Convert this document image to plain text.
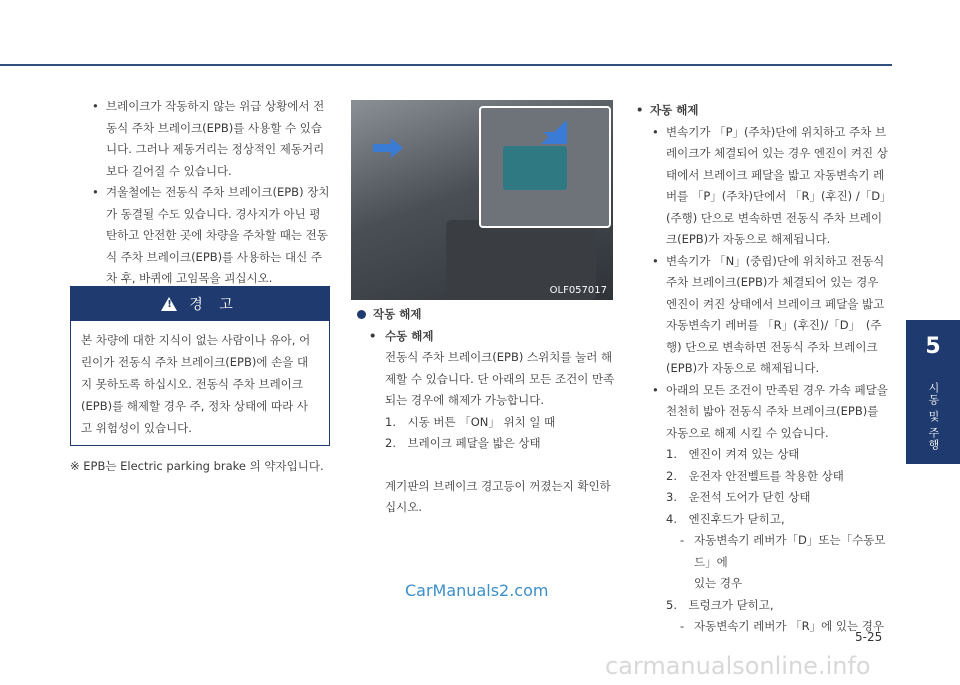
• 브레이크가 작동하지 않는 위급 상황에서 전동식 주차 브레이크(EPB)를 사용할 수 있습니다. 그러나 제동거리는 정상적인 제동거리보다 길어질 수 있습니다.

• 겨울철에는 전동식 주차 브레이크(EPB) 장치가 동결될 수도 있습니다. 경사지가 아닌 평탄하고 안전한 곳에 차량을 주차할 때는 전동식 주차 브레이크(EPB)를 사용하는 대신 주차 후, 바퀴에 고임목을 괴십시오.

! 경 고
본 차량에 대한 지식이 없는 사람이나 유아, 어린이가 전동식 주차 브레이크(EPB)에 손을 대지 못하도록 하십시오. 전동식 주차 브레이크(EPB)를 해제할 경우 주, 정차 상태에 따라 사고 위험성이 있습니다.
※ EPB는 Electric parking brake 의 약자입니다.
OLF057017
작동 해제
• 수동 해제
전동식 주차 브레이크(EPB) 스위치를 눌러 해제할 수 있습니다. 단 아래의 모든 조건이 만족되는 경우에 해제가 가능합니다.
1.　시동 버튼 「ON」 위치 일 때
2.　브레이크 페달을 밟은 상태
계기판의 브레이크 경고등이 꺼졌는지 확인하십시오.
• 자동 해제
• 변속기가 「P」(주차)단에 위치하고 주차 브레이크가 체결되어 있는 경우 엔진이 켜진 상태에서 브레이크 페달을 밟고 자동변속기 레버를 「P」(주차)단에서 「R」(후진) /「D」(주행) 단으로 변속하면 전동식 주차 브레이크(EPB)가 자동으로 해제됩니다.
• 변속기가 「N」(중립)단에 위치하고 전동식 주차 브레이크(EPB)가 체결되어 있는 경우 엔진이 켜진 상태에서 브레이크 페달을 밟고 자동변속기 레버를 「R」(후진)/「D」　(주행) 단으로 변속하면 전동식 주차 브레이크(EPB)가 자동으로 해제됩니다.
• 아래의 모든 조건이 만족된 경우 가속 페달을 천천히 밟아 전동식 주차 브레이크(EPB)를 자동으로 해제 시킬 수 있습니다.
1.　엔진이 켜져 있는 상태
2.　운전자 안전벨트를 착용한 상태
3.　운전석 도어가 닫힌 상태
4.　엔진후드가 닫히고,
- 자동변속기 레버가「D」또는「수동모드」에
있는 경우
5.　트렁크가 닫히고,
- 자동변속기 레버가 「R」에 있는 경우
5
시동 및 주행
CarManuals2.com
5-25
carmanualsonline.info
